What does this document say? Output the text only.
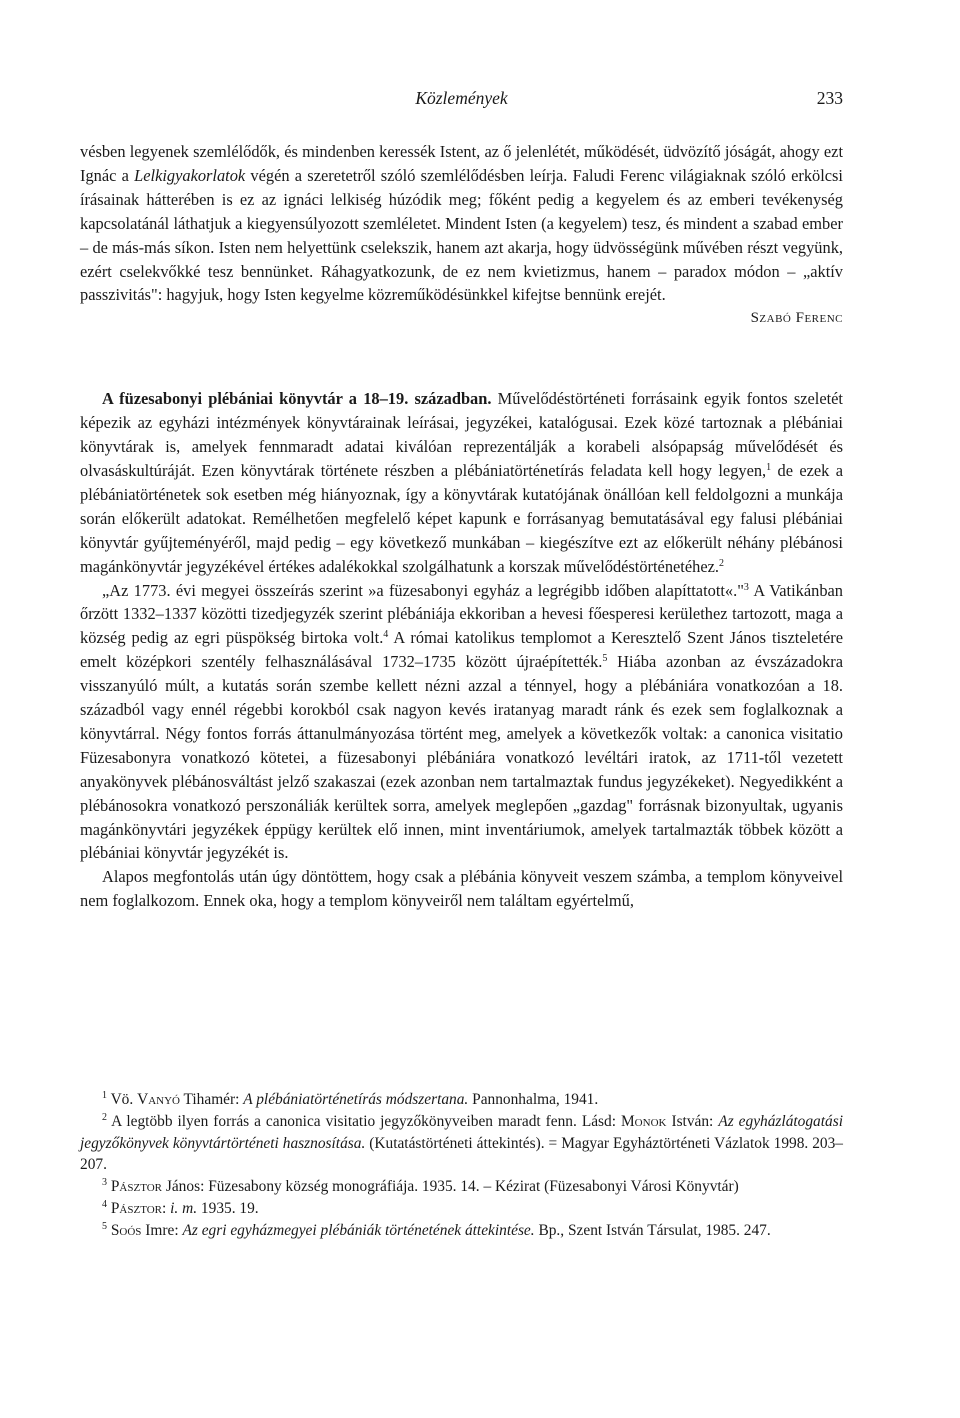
Közlemények	233

vésben legyenek szemlélődők, és mindenben keressék Istent, az ő jelenlétét, működését, üdvözítő jóságát, ahogy ezt Ignác a Lelkigyakorlatok végén a szeretetről szóló szemlélődésben leírja. Faludi Ferenc világiaknak szóló erkölcsi írásainak hátterében is ez az ignáci lelkiség húzódik meg; főként pedig a kegyelem és az emberi tevékenység kapcsolatánál láthatjuk a kiegyensúlyozott szemléletet. Mindent Isten (a kegyelem) tesz, és mindent a szabad ember – de más-más síkon. Isten nem helyettünk cselekszik, hanem azt akarja, hogy üdvösségünk művében részt vegyünk, ezért cselekvőkké tesz bennünket. Ráhagyatkozunk, de ez nem kvietizmus, hanem – paradox módon – „aktív passzivitás": hagyjuk, hogy Isten kegyelme közreműködésünkkel kifejtse bennünk erejét.

Szabó Ferenc

A füzesabonyi plébániai könyvtár a 18–19. században. Művelődéstörténeti forrásaink egyik fontos szeletét képezik az egyházi intézmények könyvtárainak leírásai, jegyzékei, katalógusai. Ezek közé tartoznak a plébániai könyvtárak is, amelyek fennmaradt adatai kiválóan reprezentálják a korabeli alsópapság művelődését és olvasáskultúráját. Ezen könyvtárak története részben a plébániatörténetírás feladata kell hogy legyen,$^1$ de ezek a plébániatörténetek sok esetben még hiányoznak, így a könyvtárak kutatójának önállóan kell feldolgozni a munkája során előkerült adatokat. Remélhetően megfelelő képet kapunk e forrásanyag bemutatásával egy falusi plébániai könyvtár gyűjteményéről, majd pedig – egy következő munkában – kiegészítve ezt az előkerült néhány plébánosi magánkönyvtár jegyzékével értékes adalékokkal szolgálhatunk a korszak művelődéstörténetéhez.$^2$

„Az 1773. évi megyei összeírás szerint »a füzesabonyi egyház a legrégibb időben alapíttatott«."$^3$ A Vatikánban őrzött 1332–1337 közötti tizedjegyzék szerint plébániája ekkoriban a hevesi főesperesi kerülethez tartozott, maga a község pedig az egri püspökség birtoka volt.$^4$ A római katolikus templomot a Keresztelő Szent János tiszteletére emelt középkori szentély felhasználásával 1732–1735 között újraépítették.$^5$ Hiába azonban az évszázadokra visszanyúló múlt, a kutatás során szembe kellett nézni azzal a ténnyel, hogy a plébániára vonatkozóan a 18. századból vagy ennél régebbi korokból csak nagyon kevés iratanyag maradt ránk és ezek sem foglalkoznak a könyvtárral. Négy fontos forrás áttanulmányozása történt meg, amelyek a következők voltak: a canonica visitatio Füzesabonyra vonatkozó kötetei, a füzesabonyi plébániára vonatkozó levéltári iratok, az 1711-től vezetett anyakönyvek plébánosváltást jelző szakaszai (ezek azonban nem tartalmaztak fundus jegyzékeket). Negyedikként a plébánosokra vonatkozó perszonáliák kerültek sorra, amelyek meglepően „gazdag" forrásnak bizonyultak, ugyanis magánkönyvtári jegyzékek éppügy kerültek elő innen, mint inventáriumok, amelyek tartalmazták többek között a plébániai könyvtár jegyzékét is.

Alapos megfontolás után úgy döntöttem, hogy csak a plébánia könyveit veszem számba, a templom könyveivel nem foglalkozom. Ennek oka, hogy a templom könyveiről nem találtam egyértelmű,

$^1$ Vö. Vanyó Tihamér: A plébániatörténetírás módszertana. Pannonhalma, 1941.

$^2$ A legtöbb ilyen forrás a canonica visitatio jegyzőkönyveiben maradt fenn. Lásd: Monok István: Az egyházlátogatási jegyzőkönyvek könyvtártörténeti hasznosítása. (Kutatástörténeti áttekintés). = Magyar Egyháztörténeti Vázlatok 1998. 203–207.

$^3$ Pásztor János: Füzesabony község monográfiája. 1935. 14. – Kézirat (Füzesabonyi Városi Könyvtár)

$^4$ Pásztor: i. m. 1935. 19.

$^5$ Soós Imre: Az egri egyházmegyei plébániák történetének áttekintése. Bp., Szent István Társulat, 1985. 247.
